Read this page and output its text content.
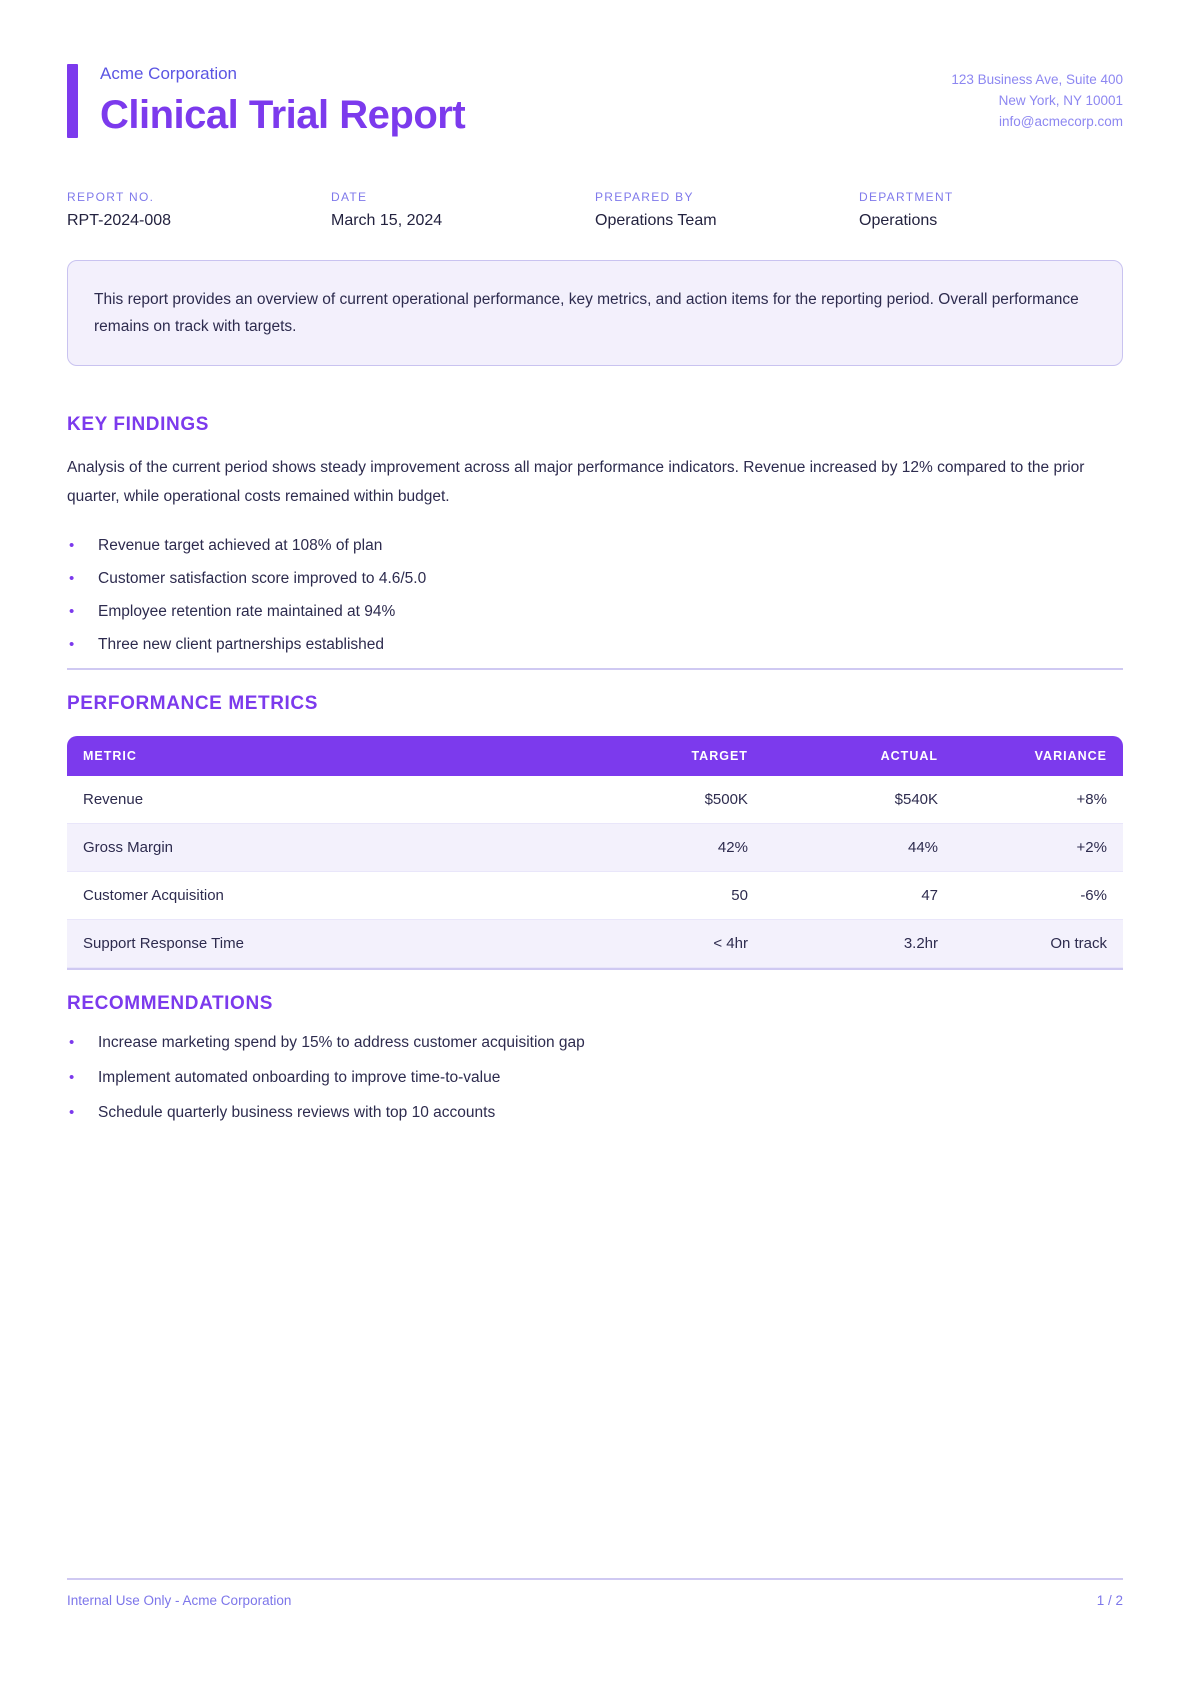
Acme Corporation
Clinical Trial Report
123 Business Ave, Suite 400
New York, NY 10001
info@acmecorp.com
REPORT NO.
RPT-2024-008
DATE
March 15, 2024
PREPARED BY
Operations Team
DEPARTMENT
Operations
This report provides an overview of current operational performance, key metrics, and action items for the reporting period. Overall performance remains on track with targets.
KEY FINDINGS
Analysis of the current period shows steady improvement across all major performance indicators. Revenue increased by 12% compared to the prior quarter, while operational costs remained within budget.
• Revenue target achieved at 108% of plan
• Customer satisfaction score improved to 4.6/5.0
• Employee retention rate maintained at 94%
• Three new client partnerships established
PERFORMANCE METRICS
METRIC	TARGET	ACTUAL	VARIANCE
Revenue	$500K	$540K	+8%
Gross Margin	42%	44%	+2%
Customer Acquisition	50	47	-6%
Support Response Time	< 4hr	3.2hr	On track
RECOMMENDATIONS
• Increase marketing spend by 15% to address customer acquisition gap
• Implement automated onboarding to improve time-to-value
• Schedule quarterly business reviews with top 10 accounts
Internal Use Only - Acme Corporation	1 / 2
